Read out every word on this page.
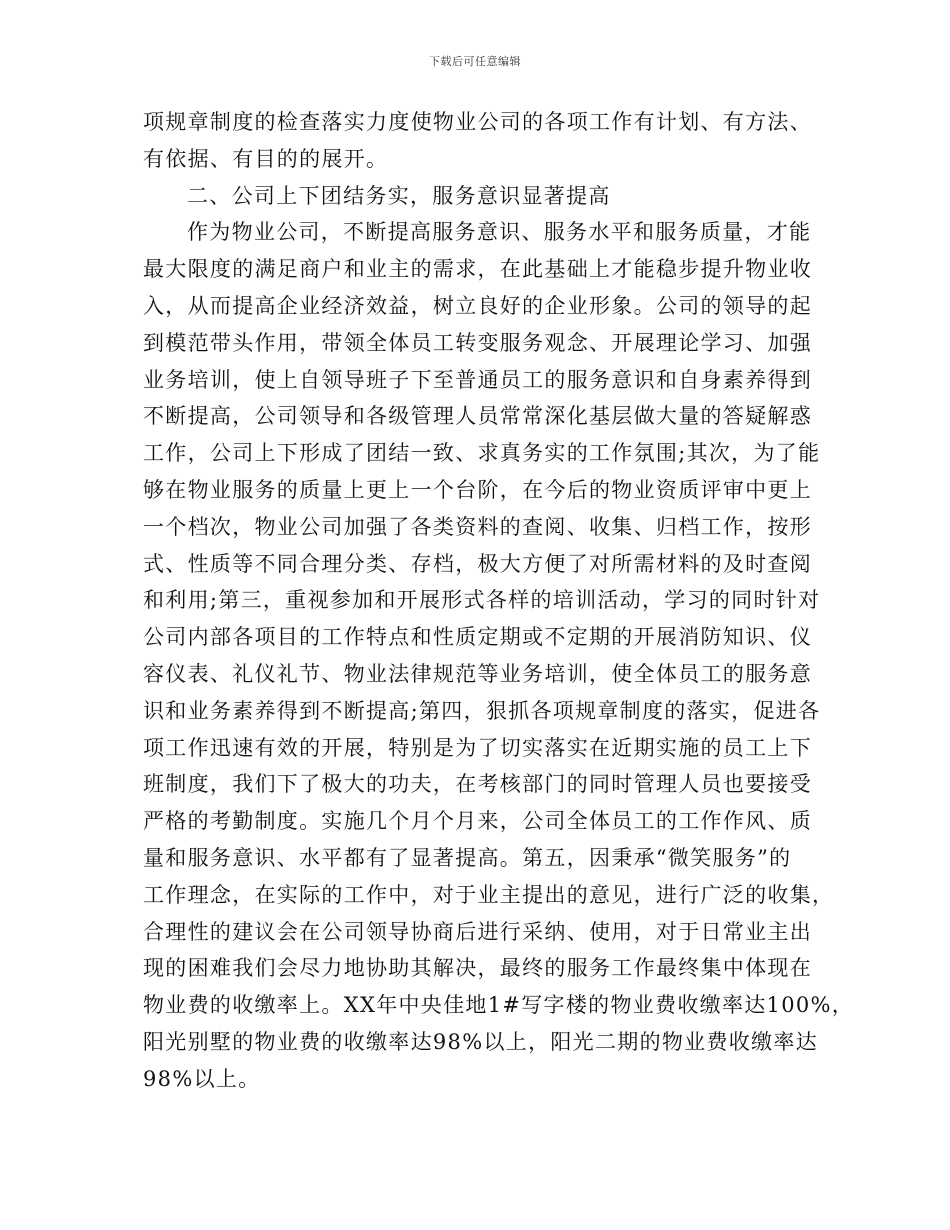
下载后可任意编辑
项规章制度的检查落实力度使物业公司的各项工作有计划、有方法、
有依据、有目的的展开。
二、公司上下团结务实，服务意识显著提高
作为物业公司，不断提高服务意识、服务水平和服务质量，才能
最大限度的满足商户和业主的需求，在此基础上才能稳步提升物业收
入，从而提高企业经济效益，树立良好的企业形象。公司的领导的起
到模范带头作用，带领全体员工转变服务观念、开展理论学习、加强
业务培训，使上自领导班子下至普通员工的服务意识和自身素养得到
不断提高，公司领导和各级管理人员常常深化基层做大量的答疑解惑
工作，公司上下形成了团结一致、求真务实的工作氛围;其次，为了能
够在物业服务的质量上更上一个台阶，在今后的物业资质评审中更上
一个档次，物业公司加强了各类资料的查阅、收集、归档工作，按形
式、性质等不同合理分类、存档，极大方便了对所需材料的及时查阅
和利用;第三，重视参加和开展形式各样的培训活动，学习的同时针对
公司内部各项目的工作特点和性质定期或不定期的开展消防知识、仪
容仪表、礼仪礼节、物业法律规范等业务培训，使全体员工的服务意
识和业务素养得到不断提高;第四，狠抓各项规章制度的落实，促进各
项工作迅速有效的开展，特别是为了切实落实在近期实施的员工上下
班制度，我们下了极大的功夫，在考核部门的同时管理人员也要接受
严格的考勤制度。实施几个月个月来，公司全体员工的工作作风、质
量和服务意识、水平都有了显著提高。第五，因秉承“微笑服务”的
工作理念，在实际的工作中，对于业主提出的意见，进行广泛的收集，
合理性的建议会在公司领导协商后进行采纳、使用，对于日常业主出
现的困难我们会尽力地协助其解决，最终的服务工作最终集中体现在
物业费的收缴率上。XX年中央佳地1#写字楼的物业费收缴率达100%，
阳光别墅的物业费的收缴率达98%以上，阳光二期的物业费收缴率达
98%以上。
